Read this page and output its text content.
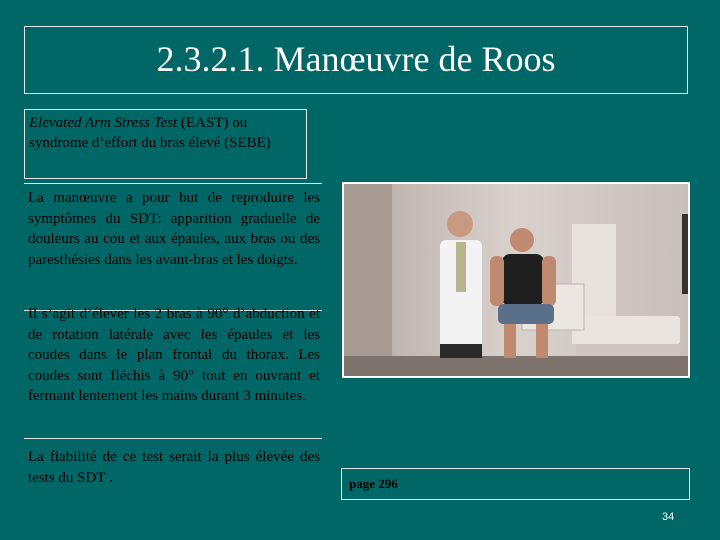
2.3.2.1. Manœuvre de Roos
Elevated Arm Stress Test (EAST) ou syndrome d’effort du bras élevé (SEBE)
La manœuvre a pour but de reproduire les symptômes du SDT: apparition graduelle de douleurs au cou et aux épaules, aux bras ou des paresthésies dans les avant-bras et les doigts.
Il s’agit d’élever les 2 bras à 90° d’abduction et de rotation latérale avec les épaules et les coudes dans le plan frontal du thorax. Les coudes sont fléchis à 90° tout en ouvrant et fermant lentement les mains durant 3 minutes.
La fiabilité de ce test serait la plus élevée des tests du SDT .	page 296
34
